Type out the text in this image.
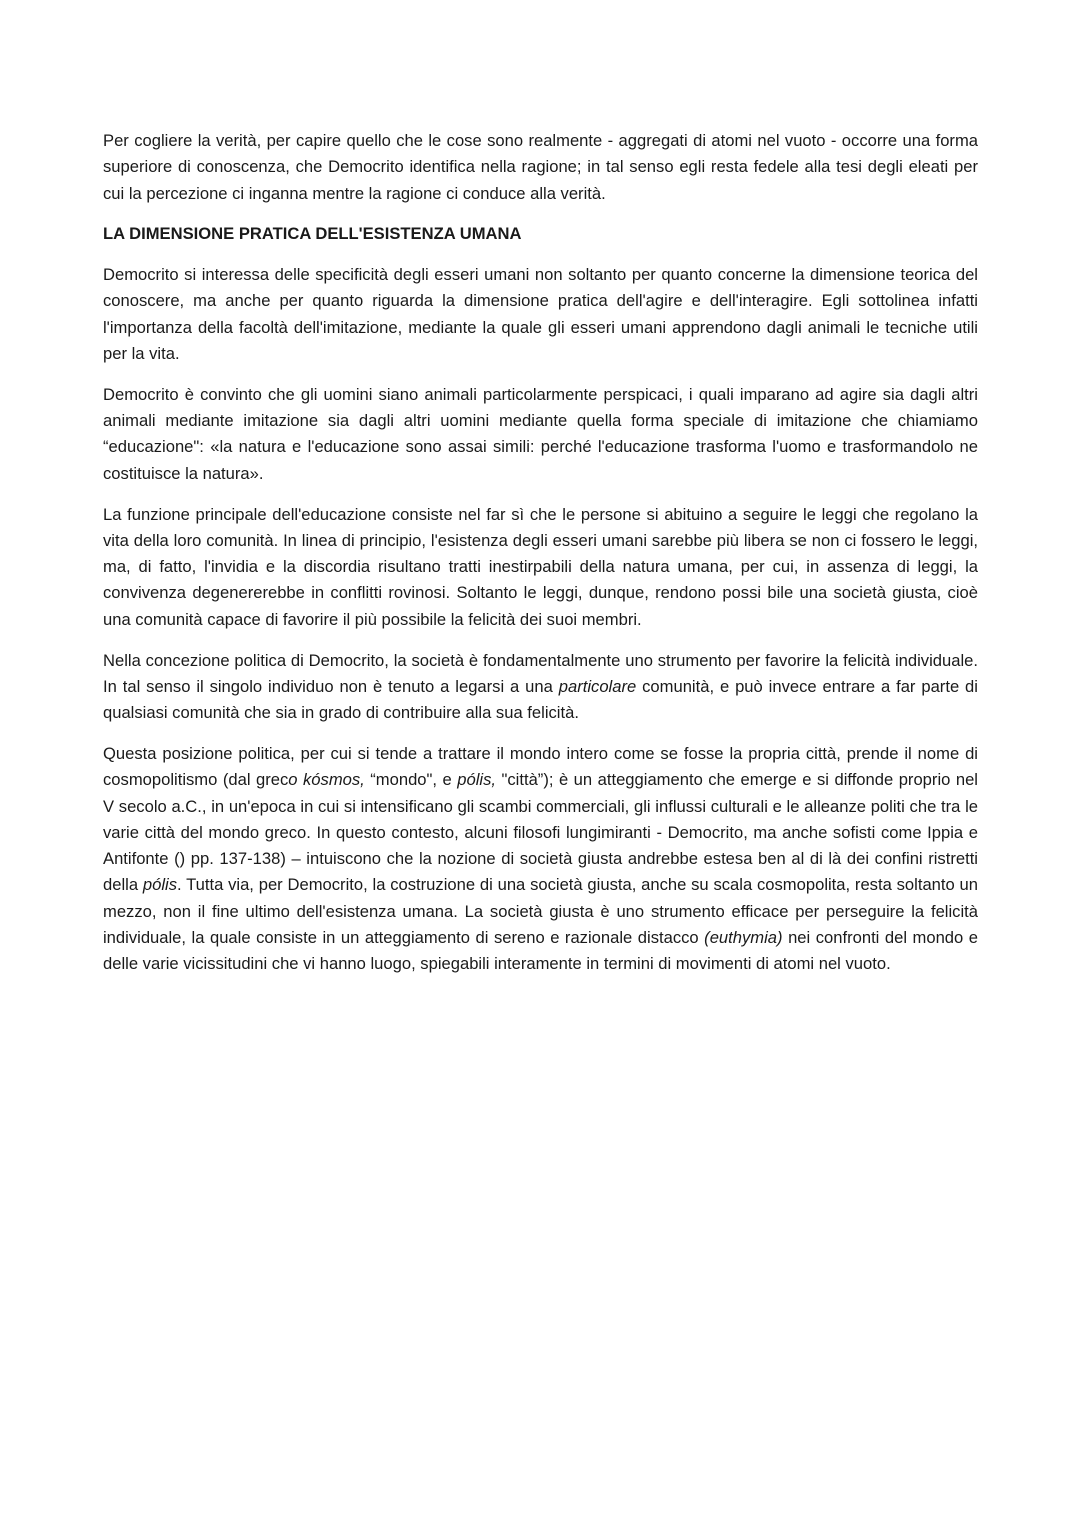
Per cogliere la verità, per capire quello che le cose sono realmente - aggregati di atomi nel vuoto - occorre una forma superiore di conoscenza, che Democrito identifica nella ragione; in tal senso egli resta fedele alla tesi degli eleati per cui la percezione ci inganna mentre la ragione ci conduce alla verità.

LA DIMENSIONE PRATICA DELL'ESISTENZA UMANA

Democrito si interessa delle specificità degli esseri umani non soltanto per quanto concerne la dimensione teorica del conoscere, ma anche per quanto riguarda la dimensione pratica dell'agire e dell'interagire. Egli sottolinea infatti l'importanza della facoltà dell'imitazione, mediante la quale gli esseri umani apprendono dagli animali le tecniche utili per la vita.

Democrito è convinto che gli uomini siano animali particolarmente perspicaci, i quali imparano ad agire sia dagli altri animali mediante imitazione sia dagli altri uomini mediante quella forma speciale di imitazione che chiamiamo “educazione": «la natura e l'educazione sono assai simili: perché l'educazione trasforma l'uomo e trasformandolo ne costituisce la natura».

La funzione principale dell'educazione consiste nel far sì che le persone si abituino a seguire le leggi che regolano la vita della loro comunità. In linea di principio, l'esistenza degli esseri umani sarebbe più libera se non ci fossero le leggi, ma, di fatto, l'invidia e la discordia risultano tratti inestirpabili della natura umana, per cui, in assenza di leggi, la convivenza degenererebbe in conflitti rovinosi. Soltanto le leggi, dunque, rendono possi bile una società giusta, cioè una comunità capace di favorire il più possibile la felicità dei suoi membri.

Nella concezione politica di Democrito, la società è fondamentalmente uno strumento per favorire la felicità individuale. In tal senso il singolo individuo non è tenuto a legarsi a una particolare comunità, e può invece entrare a far parte di qualsiasi comunità che sia in grado di contribuire alla sua felicità.

Questa posizione politica, per cui si tende a trattare il mondo intero come se fosse la propria città, prende il nome di cosmopolitismo (dal greco kósmos, “mondo", e pólis, "città”); è un atteggiamento che emerge e si diffonde proprio nel V secolo a.C., in un'epoca in cui si intensificano gli scambi commerciali, gli influssi culturali e le alleanze politi che tra le varie città del mondo greco. In questo contesto, alcuni filosofi lungimiranti - Democrito, ma anche sofisti come Ippia e Antifonte () pp. 137-138) – intuiscono che la nozione di società giusta andrebbe estesa ben al di là dei confini ristretti della pólis. Tutta via, per Democrito, la costruzione di una società giusta, anche su scala cosmopolita, resta soltanto un mezzo, non il fine ultimo dell'esistenza umana. La società giusta è uno strumento efficace per perseguire la felicità individuale, la quale consiste in un atteggiamento di sereno e razionale distacco (euthymia) nei confronti del mondo e delle varie vicissitudini che vi hanno luogo, spiegabili interamente in termini di movimenti di atomi nel vuoto.
